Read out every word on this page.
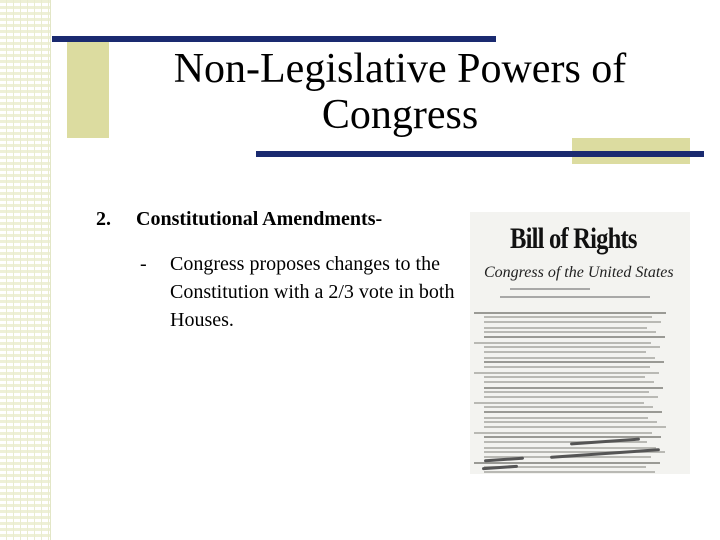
Non-Legislative Powers of
Congress
2. Constitutional Amendments-
-	Congress proposes changes to the Constitution with a 2/3 vote in both Houses.
Bill of Rights
Congress of the United States
